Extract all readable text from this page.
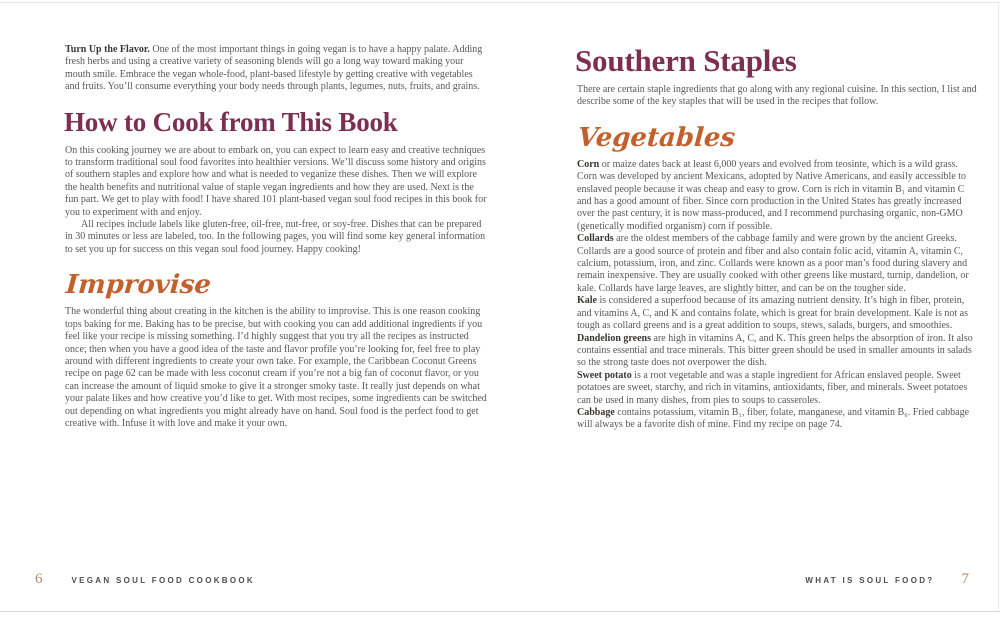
Turn Up the Flavor. One of the most important things in going vegan is to have a happy palate. Adding fresh herbs and using a creative variety of seasoning blends will go a long way toward making your mouth smile. Embrace the vegan whole-food, plant-based lifestyle by getting creative with vegetables and fruits. You’ll consume everything your body needs through plants, legumes, nuts, fruits, and grains.

How to Cook from This Book

On this cooking journey we are about to embark on, you can expect to learn easy and creative techniques to transform traditional soul food favorites into healthier versions. We’ll discuss some history and origins of southern staples and explore how and what is needed to veganize these dishes. Then we will explore the health benefits and nutritional value of staple vegan ingredients and how they are used. Next is the fun part. We get to play with food! I have shared 101 plant-based vegan soul food recipes in this book for you to experiment with and enjoy.

All recipes include labels like gluten-free, oil-free, nut-free, or soy-free. Dishes that can be prepared in 30 minutes or less are labeled, too. In the following pages, you will find some key general information to set you up for success on this vegan soul food journey. Happy cooking!

Improvise

The wonderful thing about creating in the kitchen is the ability to improvise. This is one reason cooking tops baking for me. Baking has to be precise, but with cooking you can add additional ingredients if you feel like your recipe is missing something. I’d highly suggest that you try all the recipes as instructed once; then when you have a good idea of the taste and flavor profile you’re looking for, feel free to play around with different ingredients to create your own take. For example, the Caribbean Coconut Greens recipe on page 62 can be made with less coconut cream if you’re not a big fan of coconut flavor, or you can increase the amount of liquid smoke to give it a stronger smoky taste. It really just depends on what your palate likes and how creative you’d like to get. With most recipes, some ingredients can be switched out depending on what ingredients you might already have on hand. Soul food is the perfect food to get creative with. Infuse it with love and make it your own.

Southern Staples

There are certain staple ingredients that go along with any regional cuisine. In this section, I list and describe some of the key staples that will be used in the recipes that follow.

Vegetables

Corn or maize dates back at least 6,000 years and evolved from teosinte, which is a wild grass. Corn was developed by ancient Mexicans, adopted by Native Americans, and easily accessible to enslaved people because it was cheap and easy to grow. Corn is rich in vitamin B₁ and vitamin C and has a good amount of fiber. Since corn production in the United States has greatly increased over the past century, it is now mass-produced, and I recommend purchasing organic, non-GMO (genetically modified organism) corn if possible.

Collards are the oldest members of the cabbage family and were grown by the ancient Greeks. Collards are a good source of protein and fiber and also contain folic acid, vitamin A, vitamin C, calcium, potassium, iron, and zinc. Collards were known as a poor man’s food during slavery and remain inexpensive. They are usually cooked with other greens like mustard, turnip, dandelion, or kale. Collards have large leaves, are slightly bitter, and can be on the tougher side.

Kale is considered a superfood because of its amazing nutrient density. It’s high in fiber, protein, and vitamins A, C, and K and contains folate, which is great for brain development. Kale is not as tough as collard greens and is a great addition to soups, stews, salads, burgers, and smoothies.

Dandelion greens are high in vitamins A, C, and K. This green helps the absorption of iron. It also contains essential and trace minerals. This bitter green should be used in smaller amounts in salads so the strong taste does not overpower the dish.

Sweet potato is a root vegetable and was a staple ingredient for African enslaved people. Sweet potatoes are sweet, starchy, and rich in vitamins, antioxidants, fiber, and minerals. Sweet potatoes can be used in many dishes, from pies to soups to casseroles.

Cabbage contains potassium, vitamin B₁, fiber, folate, manganese, and vitamin B₆. Fried cabbage will always be a favorite dish of mine. Find my recipe on page 74.

6	VEGAN SOUL FOOD COOKBOOK	WHAT IS SOUL FOOD? 7
